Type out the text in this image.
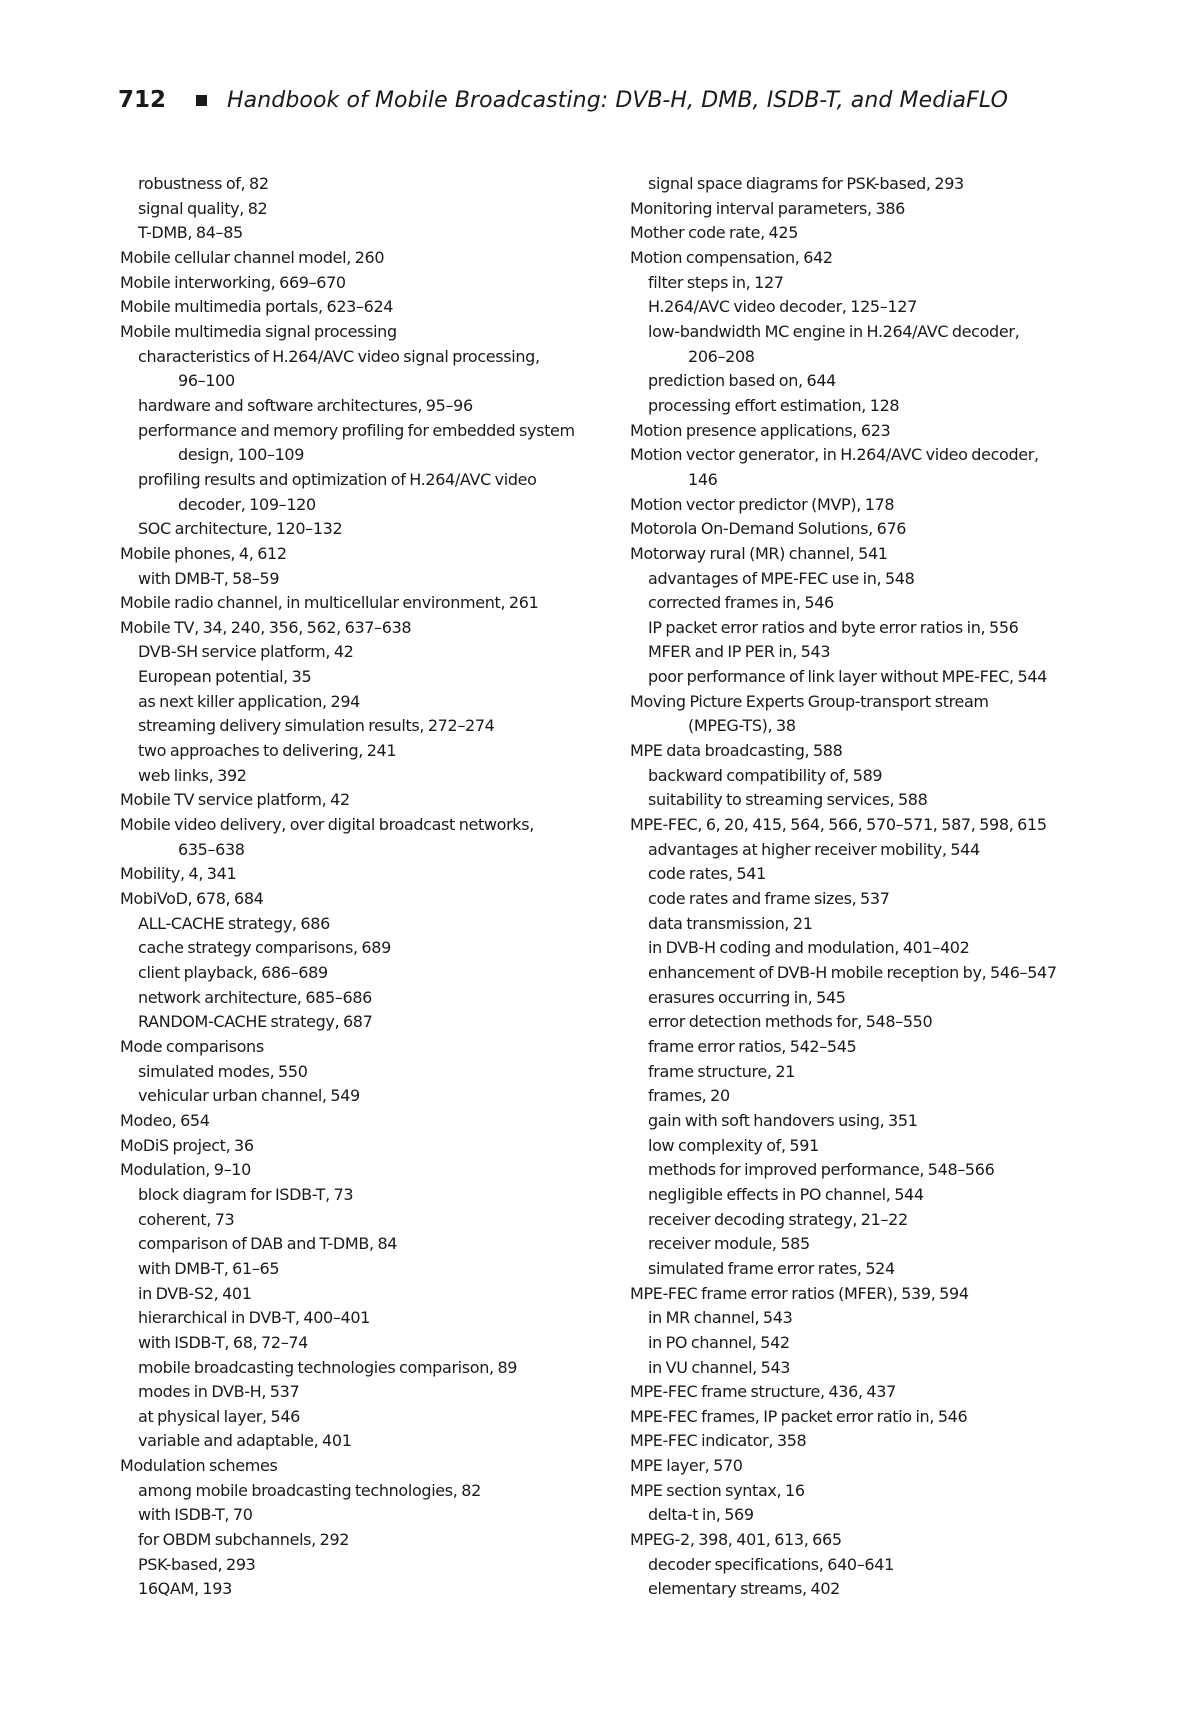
712	Handbook of Mobile Broadcasting: DVB-H, DMB, ISDB-T, and MediaFLO
robustness of, 82
signal quality, 82
T-DMB, 84–85
Mobile cellular channel model, 260
Mobile interworking, 669–670
Mobile multimedia portals, 623–624
Mobile multimedia signal processing
characteristics of H.264/AVC video signal processing,
96–100
hardware and software architectures, 95–96
performance and memory profiling for embedded system
design, 100–109
profiling results and optimization of H.264/AVC video
decoder, 109–120
SOC architecture, 120–132
Mobile phones, 4, 612
with DMB-T, 58–59
Mobile radio channel, in multicellular environment, 261
Mobile TV, 34, 240, 356, 562, 637–638
DVB-SH service platform, 42
European potential, 35
as next killer application, 294
streaming delivery simulation results, 272–274
two approaches to delivering, 241
web links, 392
Mobile TV service platform, 42
Mobile video delivery, over digital broadcast networks,
635–638
Mobility, 4, 341
MobiVoD, 678, 684
ALL-CACHE strategy, 686
cache strategy comparisons, 689
client playback, 686–689
network architecture, 685–686
RANDOM-CACHE strategy, 687
Mode comparisons
simulated modes, 550
vehicular urban channel, 549
Modeo, 654
MoDiS project, 36
Modulation, 9–10
block diagram for ISDB-T, 73
coherent, 73
comparison of DAB and T-DMB, 84
with DMB-T, 61–65
in DVB-S2, 401
hierarchical in DVB-T, 400–401
with ISDB-T, 68, 72–74
mobile broadcasting technologies comparison, 89
modes in DVB-H, 537
at physical layer, 546
variable and adaptable, 401
Modulation schemes
among mobile broadcasting technologies, 82
with ISDB-T, 70
for OBDM subchannels, 292
PSK-based, 293
16QAM, 193
signal space diagrams for PSK-based, 293
Monitoring interval parameters, 386
Mother code rate, 425
Motion compensation, 642
filter steps in, 127
H.264/AVC video decoder, 125–127
low-bandwidth MC engine in H.264/AVC decoder,
206–208
prediction based on, 644
processing effort estimation, 128
Motion presence applications, 623
Motion vector generator, in H.264/AVC video decoder,
146
Motion vector predictor (MVP), 178
Motorola On-Demand Solutions, 676
Motorway rural (MR) channel, 541
advantages of MPE-FEC use in, 548
corrected frames in, 546
IP packet error ratios and byte error ratios in, 556
MFER and IP PER in, 543
poor performance of link layer without MPE-FEC, 544
Moving Picture Experts Group-transport stream
(MPEG-TS), 38
MPE data broadcasting, 588
backward compatibility of, 589
suitability to streaming services, 588
MPE-FEC, 6, 20, 415, 564, 566, 570–571, 587, 598, 615
advantages at higher receiver mobility, 544
code rates, 541
code rates and frame sizes, 537
data transmission, 21
in DVB-H coding and modulation, 401–402
enhancement of DVB-H mobile reception by, 546–547
erasures occurring in, 545
error detection methods for, 548–550
frame error ratios, 542–545
frame structure, 21
frames, 20
gain with soft handovers using, 351
low complexity of, 591
methods for improved performance, 548–566
negligible effects in PO channel, 544
receiver decoding strategy, 21–22
receiver module, 585
simulated frame error rates, 524
MPE-FEC frame error ratios (MFER), 539, 594
in MR channel, 543
in PO channel, 542
in VU channel, 543
MPE-FEC frame structure, 436, 437
MPE-FEC frames, IP packet error ratio in, 546
MPE-FEC indicator, 358
MPE layer, 570
MPE section syntax, 16
delta-t in, 569
MPEG-2, 398, 401, 613, 665
decoder specifications, 640–641
elementary streams, 402
